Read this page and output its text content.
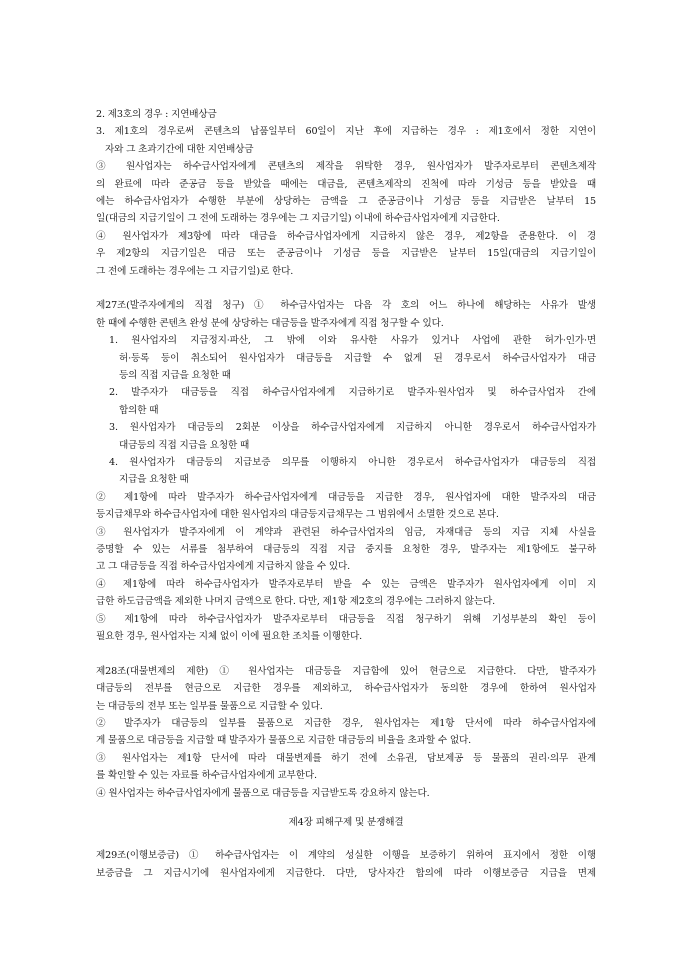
2. 제3호의 경우 : 지연배상금
3. 제1호의 경우로써 콘텐츠의 납품일부터 60일이 지난 후에 지급하는 경우 : 제1호에서 정한 지연이
자와 그 초과기간에 대한 지연배상금
③ 원사업자는 하수급사업자에게 콘텐츠의 제작을 위탁한 경우, 원사업자가 발주자로부터 콘텐츠제작
의 완료에 따라 준공금 등을 받았을 때에는 대금을, 콘텐츠제작의 진척에 따라 기성금 등을 받았을 때
에는 하수급사업자가 수행한 부분에 상당하는 금액을 그 준공금이나 기성금 등을 지급받은 날부터 15
일(대금의 지급기일이 그 전에 도래하는 경우에는 그 지급기일) 이내에 하수급사업자에게 지급한다.
④ 원사업자가 제3항에 따라 대금을 하수급사업자에게 지급하지 않은 경우, 제2항을 준용한다. 이 경
우 제2항의 지급기일은 대금 또는 준공금이나 기성금 등을 지급받은 날부터 15일(대금의 지급기일이
그 전에 도래하는 경우에는 그 지급기일)로 한다.
제27조(발주자에게의 직접 청구) ① 하수급사업자는 다음 각 호의 어느 하나에 해당하는 사유가 발생
한 때에 수행한 콘텐츠 완성 분에 상당하는 대금등을 발주자에게 직접 청구할 수 있다.
1. 원사업자의 지급정지·파산, 그 밖에 이와 유사한 사유가 있거나 사업에 관한 허가·인가·면
허·등록 등이 취소되어 원사업자가 대금등을 지급할 수 없게 된 경우로서 하수급사업자가 대금
등의 직접 지급을 요청한 때
2. 발주자가 대금등을 직접 하수급사업자에게 지급하기로 발주자·원사업자 및 하수급사업자 간에
합의한 때
3. 원사업자가 대금등의 2회분 이상을 하수급사업자에게 지급하지 아니한 경우로서 하수급사업자가
대금등의 직접 지급을 요청한 때
4. 원사업자가 대금등의 지급보증 의무를 이행하지 아니한 경우로서 하수급사업자가 대금등의 직접
지급을 요청한 때
② 제1항에 따라 발주자가 하수급사업자에게 대금등을 지급한 경우, 원사업자에 대한 발주자의 대금
등지급채무와 하수급사업자에 대한 원사업자의 대금등지급채무는 그 범위에서 소멸한 것으로 본다.
③ 원사업자가 발주자에게 이 계약과 관련된 하수급사업자의 임금, 자재대금 등의 지급 지체 사실을
증명할 수 있는 서류를 첨부하여 대금등의 직접 지급 중지를 요청한 경우, 발주자는 제1항에도 불구하
고 그 대금등을 직접 하수급사업자에게 지급하지 않을 수 있다.
④ 제1항에 따라 하수급사업자가 발주자로부터 받을 수 있는 금액은 발주자가 원사업자에게 이미 지
급한 하도급금액을 제외한 나머지 금액으로 한다. 다만, 제1항 제2호의 경우에는 그러하지 않는다.
⑤ 제1항에 따라 하수급사업자가 발주자로부터 대금등을 직접 청구하기 위해 기성부분의 확인 등이
필요한 경우, 원사업자는 지체 없이 이에 필요한 조치를 이행한다.
제28조(대물변제의 제한) ① 원사업자는 대금등을 지급함에 있어 현금으로 지급한다. 다만, 발주자가
대금등의 전부를 현금으로 지급한 경우를 제외하고, 하수급사업자가 동의한 경우에 한하여 원사업자
는 대금등의 전부 또는 일부를 물품으로 지급할 수 있다.
② 발주자가 대금등의 일부를 물품으로 지급한 경우, 원사업자는 제1항 단서에 따라 하수급사업자에
게 물품으로 대금등을 지급할 때 발주자가 물품으로 지급한 대금등의 비율을 초과할 수 없다.
③ 원사업자는 제1항 단서에 따라 대물변제를 하기 전에 소유권, 담보제공 등 물품의 권리·의무 관계
를 확인할 수 있는 자료를 하수급사업자에게 교부한다.
④ 원사업자는 하수급사업자에게 물품으로 대금등을 지급받도록 강요하지 않는다.
제4장 피해구제 및 분쟁해결
제29조(이행보증금) ① 하수급사업자는 이 계약의 성실한 이행을 보증하기 위하여 표지에서 정한 이행
보증금을 그 지급시기에 원사업자에게 지급한다. 다만, 당사자간 합의에 따라 이행보증금 지급을 면제
